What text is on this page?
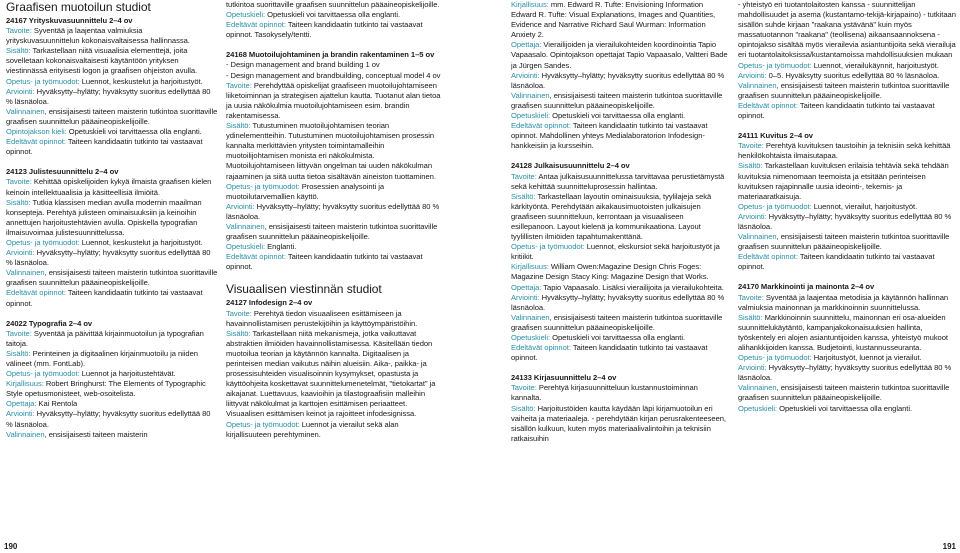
Graafisen muotoilun studiot

24167 Yrityskuvasuunnittelu 2–4 ov

Tavoite: Syventää ja laajentaa valmiuksia yrityskuvasuunnittelun kokonaisvaltaisessa hallinnassa.

Sisältö: Tarkastellaan niitä visuaalisia elementtejä, joita sovelletaan kokonaisvaltaisesti käytäntöön yrityksen viestinnässä erityisesti logon ja graafisen ohjeiston avulla.

Opetus- ja työmuodot: Luennot, keskustelut ja harjoitustyöt.

Arviointi: Hyväksytty–hylätty; hyväksytty suoritus edellyttää 80 % läsnäoloa.

Valinnainen, ensisijaisesti taiteen maisterin tutkintoa suorittaville graafisen suunnittelun pääaineopiskelijoille.

Opintojakson kieli: Opetuskieli voi tarvittaessa olla englanti.

Edeltävät opinnot: Taiteen kandidaatin tutkinto tai vastaavat opinnot.

24123 Julistesuunnittelu 2–4 ov

Tavoite: Kehittää opiskelijoiden kykyä ilmaista graafisen kielen keinoin intellektuaalisia ja käsitteellisiä ilmiöitä.

Sisältö: Tutkia klassisen median avulla modernin maailman konsepteja. Perehtyä julisteen ominaisuuksiin ja keinoihin annettujen harjoitustehtävien avulla. Opiskella typografian ilmaisuvoimaa julistesuunnittelussa.

Opetus- ja työmuodot: Luennot, keskustelut ja harjoitustyöt.

Arviointi: Hyväksytty–hylätty; hyväksytty suoritus edellyttää 80 % läsnäoloa.

Valinnainen, ensisijaisesti taiteen maisterin tutkintoa suorittaville graafisen suunnittelun pääaineopiskelijoille.

Edeltävät opinnot: Taiteen kandidaatin tutkinto tai vastaavat opinnot.

24022 Typografia 2–4 ov

Tavoite: Syventää ja päivittää kirjainmuotoilun ja typografian taitoja.

Sisältö: Perinteinen ja digitaalinen kirjainmuotoilu ja niiden välineet (mm. FontLab).

Opetus- ja työmuodot: Luennot ja harjoitustehtävät.

Kirjallisuus: Robert Bringhurst: The Elements of Typographic Style opetusmonisteet, web-osoitelista.

Opettaja: Kai Rentola

Arviointi: Hyväksytty–hylätty; hyväksytty suoritus edellyttää 80 % läsnäoloa.

Valinnainen, ensisijaisesti taiteen maisterin

tutkintoa suorittaville graafisen suunnittelun pääaineopiskelijoille.

Opetuskieli: Opetuskieli voi tarvittaessa olla englanti.

Edeltävät opinnot: Taiteen kandidaatin tutkinto tai vastaavat opinnot. Tasokysely/tentti.

24168 Muotoilujohtaminen ja brandin rakentaminen 1–5 ov

- Design management and brand building 1 ov

- Design management and brandbuilding, conceptual model 4 ov

Tavoite: Perehdyttää opiskelijat graafiseen muotoilujohtamiseen liiketoiminnan ja strategisen ajattelun kautta. Tuotanut alan tietoa ja uusia näkökulmia muotoilujohtamiseen esim. brandin rakentamisessa.

Sisältö: Tutustuminen muotoilujohtamisen teorian ydinelementteihin. Tutustuminen muotoilujohtamisen prosessin kannalta merkittävien yritysten toimintamalleihin muotoilijohtamisen monista eri näkökulmista. Muotoilujohtamiseen liittyvän ongelman tai uuden näkökulman rajaaminen ja siitä uutta tietoa sisältävän aineiston tuottaminen.

Opetus- ja työmuodot: Prosessien analysointi ja muotoilutarvemallien käyttö.

Arviointi: Hyväksytty–hylätty; hyväksytty suoritus edellyttää 80 % läsnäoloa.

Valinnainen, ensisijaisesti taiteen maisterin tutkintoa suorittaville graafisen suunnittelun pääaineopiskelijoille.

Opetuskieli: Englanti.

Edeltävät opinnot: Taiteen kandidaatin tutkinto tai vastaavat opinnot.

Visuaalisen viestinnän studiot

24127 Infodesign 2–4 ov

Tavoite: Perehtyä tiedon visuaaliseen esittämiseen ja havainnollistamisen perustekijöihin ja käyttöympäristöihin.

Sisältö: Tarkastellaan niitä mekanismeja, jotka vaikuttavat abstraktien ilmiöiden havainnollistamisessa. Käsitellään tiedon muotoilua teorian ja käytännön kannalta. Digitaalisen ja perinteisen median vaikutus näihin alueisiin. Aika-, paikka- ja prosessisuhteiden visualisoinnin kysymykset, opastusta ja käyttöohjeita koskettavat suunnittelumenetelmät, "tietokartat" ja aikajanat. Luettavuus, kaavioihin ja tilastograafisiin malleihin liittyvät näkökulmat ja karttojen esittämisen periaatteet. Visuaalisen esittämisen keinot ja rajoitteet infodesignissa.

Opetus- ja työmuodot: Luennot ja vierailut sekä alan kirjallisuuteen perehtyminen.

Kirjallisuus: mm. Edward R. Tufte: Envisioning Information Edward R. Tufte: Visual Explanations, Images and Quantities, Evidence and Narrative Richard Saul Wurman: Information Anxiety 2.

Opettaja: Vierailijoiden ja vierailukohteiden koordinointia Tapio Vapaasalo. Opintojakson opettajat Tapio Vapaasalo, Valtteri Bade ja Jürgen Sandes.

Arviointi: Hyväksytty–hylätty; hyväksytty suoritus edellyttää 80 % läsnäoloa.

Valinnainen, ensisijaisesti taiteen maisterin tutkintoa suorittaville graafisen suunnittelun pääaineopiskelijoille.

Opetuskieli: Opetuskieli voi tarvittaessa olla englanti.

Edeltävät opinnot: Taiteen kandidaatin tutkinto tai vastaavat opinnot. Mahdollinen yhteys Medialaboratorion Infodesign-hankkeisiin ja kursseihin.

24128 Julkaisusuunnittelu 2–4 ov

Tavoite: Antaa julkaisusuunnittelussa tarvittavaa perustietämystä sekä kehittää suunnitteluprosessin hallintaa.

Sisältö: Tarkastellaan layoutin ominaisuuksia, tyylilajeja sekä kärkityöntä. Perehdytään aikakausimuotoisten julkaisujen graafiseen suunnitteluun, kerrontaan ja visuaaliseen esillepanoon. Layout kielenä ja kommunikaationa. Layout tyylillisten ilmiöiden tapahtumakenttänä.

Opetus- ja työmuodot: Luennot, ekskursiot sekä harjoitustyöt ja kritiikit.

Kirjallisuus: William Owen:Magazine Design Chris Foges: Magazine Design Stacy King: Magazine Design that Works.

Opettaja: Tapio Vapaasalo. Lisäksi vierailijoita ja vierailukohteita.

Arviointi: Hyväksytty–hylätty; hyväksytty suoritus edellyttää 80 % läsnäoloa.

Valinnainen, ensisijaisesti taiteen maisterin tutkintoa suorittaville graafisen suunnittelun pääaineopiskelijoille.

Opetuskieli: Opetuskieli voi tarvittaessa olla englanti.

Edeltävät opinnot: Taiteen kandidaatin tutkinto tai vastaavat opinnot.

24133 Kirjasuunnittelu 2–4 ov

Tavoite: Perehtyä kirjasuunnitteluun kustannustoiminnan kannalta.

Sisältö: Harjoitustöiden kautta käydään läpi kirjamuotoilun eri vaiheita ja materiaaleja. - perehdytään kirjan perusrakenteeseen, sisällön kulkuun, kuten myös materiaalivalintoihin ja teknisiin ratkaisuihin

- yhteistyö eri tuotantolaitosten kanssa - suunnittelijan mahdollisuudet ja asema (kustantamo-tekijä-kirjapaino) - tutkitaan sisällön suhde kirjaan "raakana ystävänä" kuin myös massatuotannon "raakana" (teollisena) aikaansaannoksena - opintojakso sisältää myös vierailevia asiantuntijoita sekä vierailuja eri tuotantolaitoksissa/kustantamoissa mahdollisuuksien mukaan

Opetus- ja työmuodot: Luennot, vierailukäynnit, harjoitustyöt.

Arviointi: 0–5. Hyväksytty suoritus edellyttää 80 % läsnäoloa.

Valinnainen, ensisijaisesti taiteen maisterin tutkintoa suorittaville graafisen suunnittelun pääaineopiskelijoille.

Edeltävät opinnot: Taiteen kandidaatin tutkinto tai vastaavat opinnot.

24111 Kuvitus 2–4 ov

Tavoite: Perehtyä kuvituksen taustoihin ja teknisiin sekä kehittää henkilökohtaista ilmaisutapaa.

Sisältö: Tarkastellaan kuvituksen erilaisia tehtäviä sekä tehdään kuvituksia nimenomaan teemoista ja etsitään perinteisen kuvituksen rajapinnalle uusia ideointi-, tekemis- ja materiaaratkaisuja.

Opetus- ja työmuodot: Luennot, vierailut, harjoitustyöt.

Arviointi: Hyväksytty–hylätty; hyväksytty suoritus edellyttää 80 % läsnäoloa.

Valinnainen, ensisijaisesti taiteen maisterin tutkintoa suorittaville graafisen suunnittelun pääaineopiskelijoille.

Edeltävät opinnot: Taiteen kandidaatin tutkinto tai vastaavat opinnot.

24170 Markkinointi ja mainonta 2–4 ov

Tavoite: Syventää ja laajentaa metodisia ja käytännön hallinnan valmiuksia mainonnan ja markkinoinnin suunnittelussa.

Sisältö: Markkinoinnin suunnittelu, mainonnan eri osa-alueiden suunnittelukäytäntö, kampanjakokonaisuuksien hallinta, työskentely eri alojen asiantuntijoiden kanssa, yhteistyö mukoot alihankkijoiden kanssa. Budjetointi, kustannusseuranta.

Opetus- ja työmuodot: Harjoitustyöt, luennot ja vierailut.

Arviointi: Hyväksytty–hylätty; hyväksytty suoritus edellyttää 80 % läsnäoloa.

Valinnainen, ensisijaisesti taiteen maisterin tutkintoa suorittaville graafisen suunnittelun pääaineopiskelijoille.

Opetuskieli: Opetuskieli voi tarvittaessa olla englanti.

190	191
